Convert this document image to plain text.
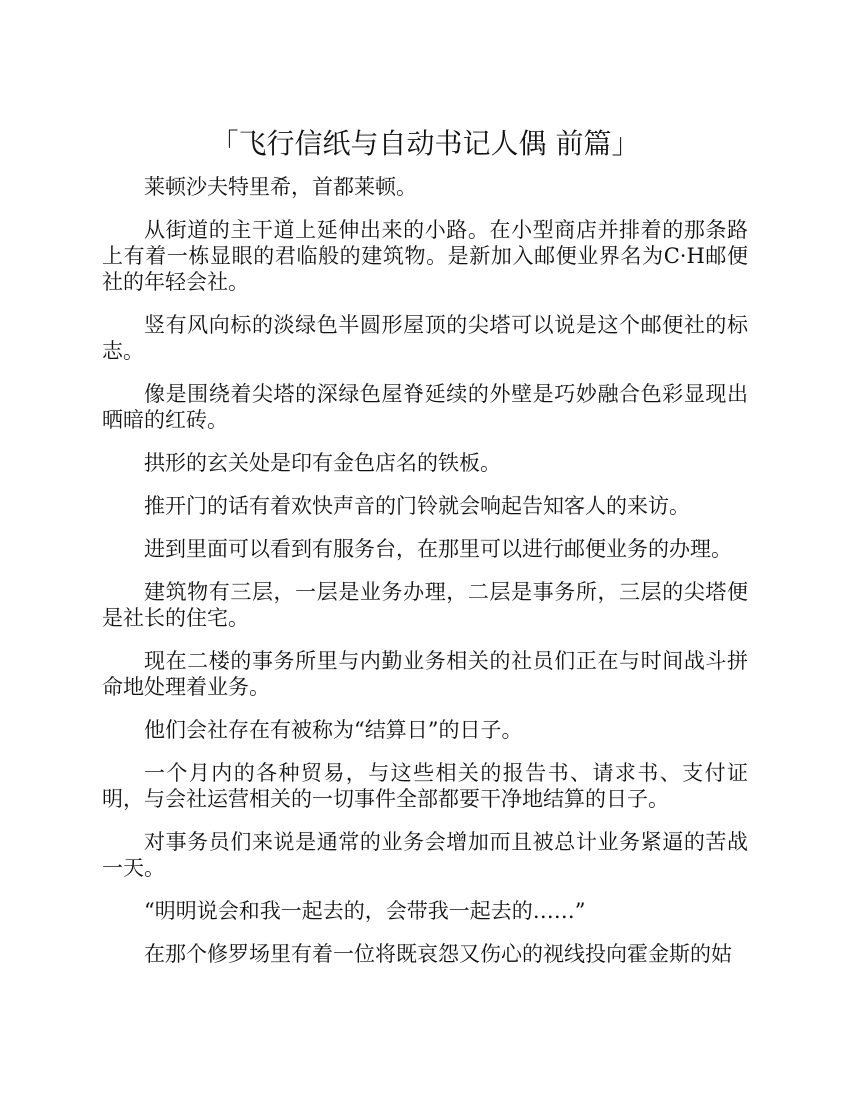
「飞行信纸与自动书记人偶 前篇」

莱顿沙夫特里希，首都莱顿。

从街道的主干道上延伸出来的小路。在小型商店并排着的那条路上有着一栋显眼的君临般的建筑物。是新加入邮便业界名为C·H邮便社的年轻会社。

竖有风向标的淡绿色半圆形屋顶的尖塔可以说是这个邮便社的标志。

像是围绕着尖塔的深绿色屋脊延续的外壁是巧妙融合色彩显现出晒暗的红砖。

拱形的玄关处是印有金色店名的铁板。

推开门的话有着欢快声音的门铃就会响起告知客人的来访。

进到里面可以看到有服务台，在那里可以进行邮便业务的办理。

建筑物有三层，一层是业务办理，二层是事务所，三层的尖塔便是社长的住宅。

现在二楼的事务所里与内勤业务相关的社员们正在与时间战斗拼命地处理着业务。

他们会社存在有被称为“结算日”的日子。

一个月内的各种贸易，与这些相关的报告书、请求书、支付证明，与会社运营相关的一切事件全部都要干净地结算的日子。

对事务员们来说是通常的业务会增加而且被总计业务紧逼的苦战一天。

“明明说会和我一起去的，会带我一起去的……”

在那个修罗场里有着一位将既哀怨又伤心的视线投向霍金斯的姑
